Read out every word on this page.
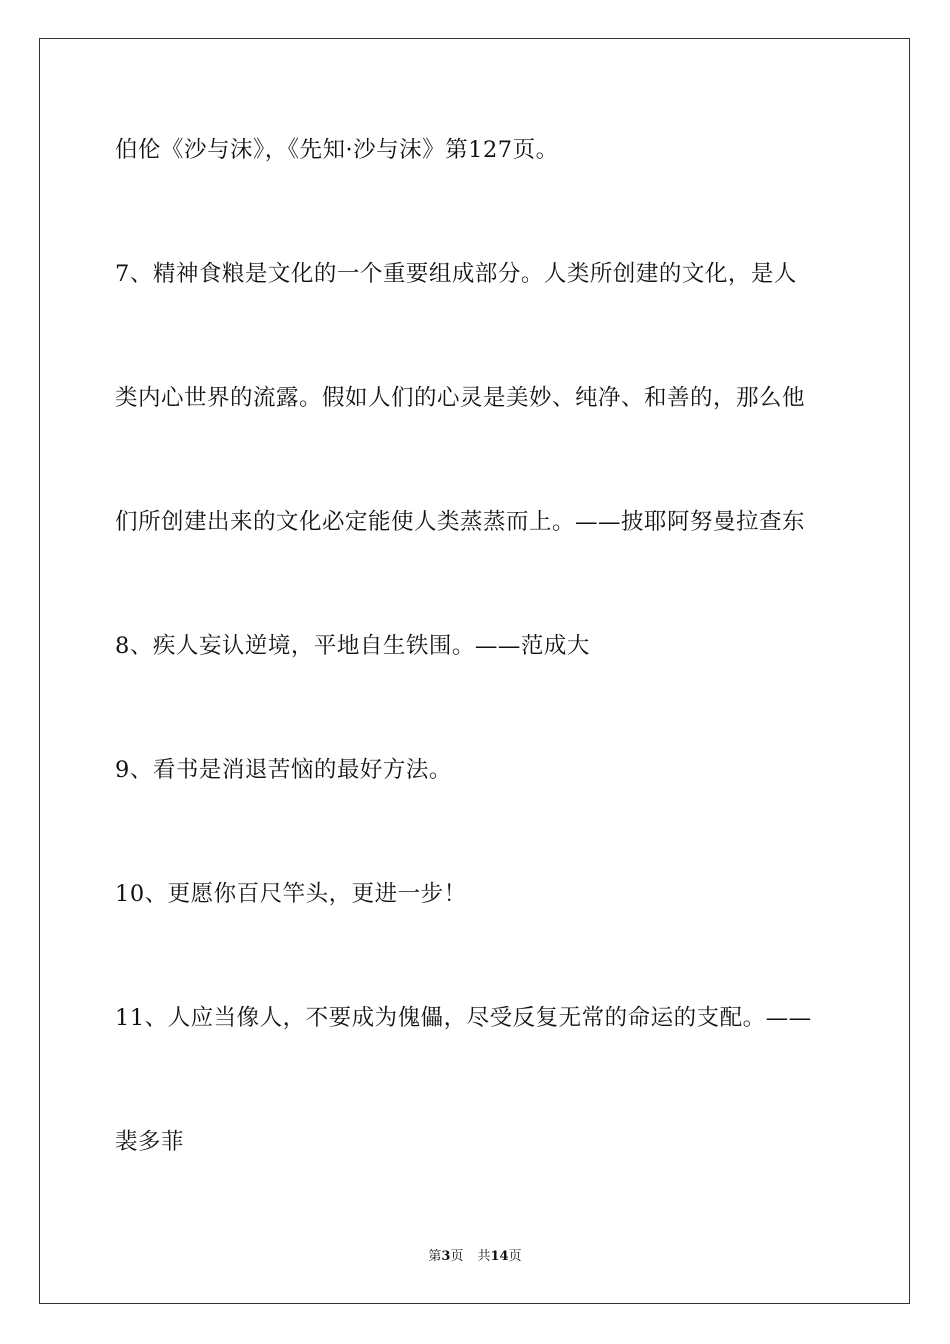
伯伦《沙与沫》，《先知·沙与沫》第127页。
7、精神食粮是文化的一个重要组成部分。人类所创建的文化，是人
类内心世界的流露。假如人们的心灵是美妙、纯净、和善的，那么他
们所创建出来的文化必定能使人类蒸蒸而上。——披耶阿努曼拉查东
8、疾人妄认逆境，平地自生铁围。——范成大
9、看书是消退苦恼的最好方法。
10、更愿你百尺竿头，更进一步！
11、人应当像人，不要成为傀儡，尽受反复无常的命运的支配。——
裴多菲
第3页 共14页
